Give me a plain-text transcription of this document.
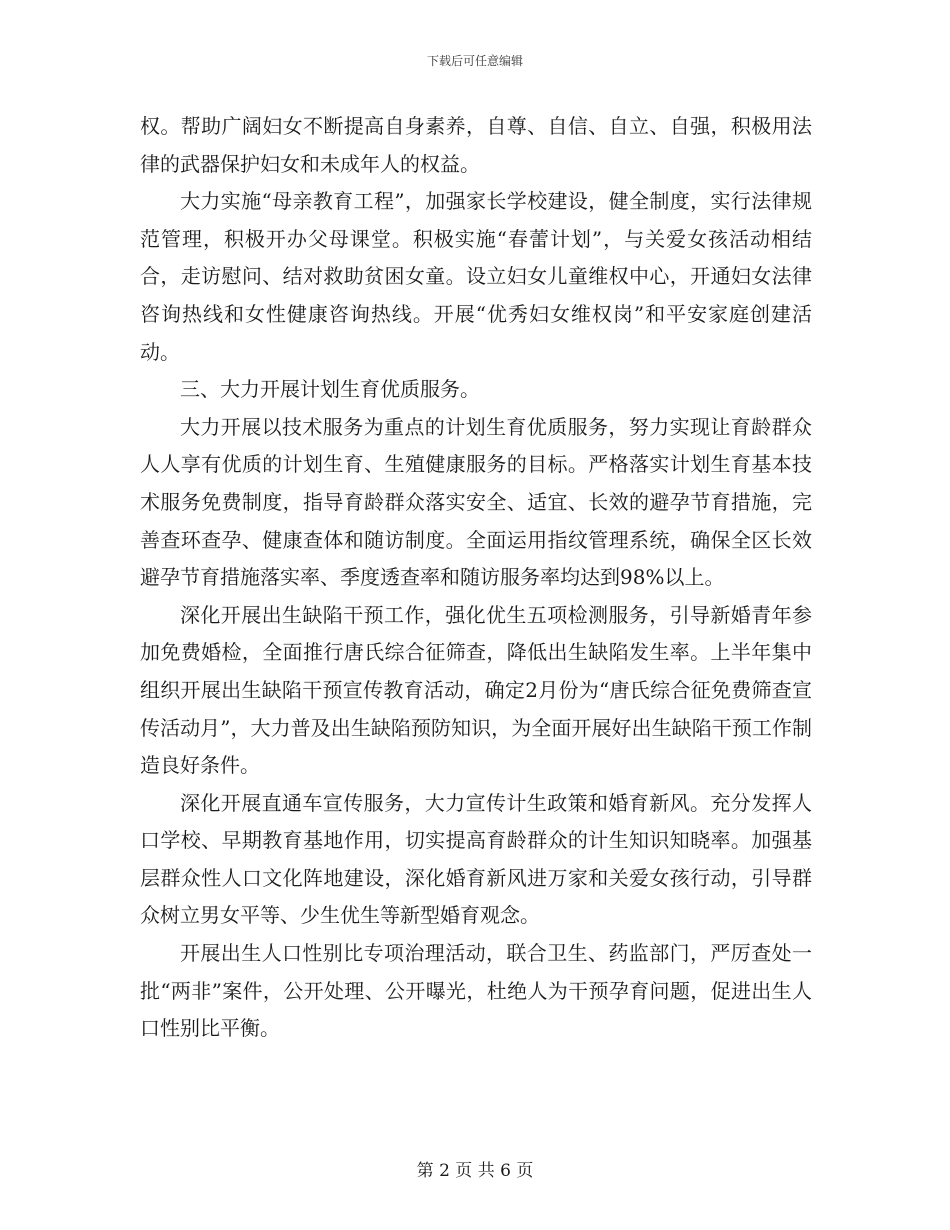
下载后可任意编辑

权。帮助广阔妇女不断提高自身素养，自尊、自信、自立、自强，积极用法律的武器保护妇女和未成年人的权益。

大力实施“母亲教育工程”，加强家长学校建设，健全制度，实行法律规范管理，积极开办父母课堂。积极实施“春蕾计划”，与关爱女孩活动相结合，走访慰问、结对救助贫困女童。设立妇女儿童维权中心，开通妇女法律咨询热线和女性健康咨询热线。开展“优秀妇女维权岗”和平安家庭创建活动。

三、大力开展计划生育优质服务。

大力开展以技术服务为重点的计划生育优质服务，努力实现让育龄群众人人享有优质的计划生育、生殖健康服务的目标。严格落实计划生育基本技术服务免费制度，指导育龄群众落实安全、适宜、长效的避孕节育措施，完善查环查孕、健康查体和随访制度。全面运用指纹管理系统，确保全区长效避孕节育措施落实率、季度透查率和随访服务率均达到98%以上。

深化开展出生缺陷干预工作，强化优生五项检测服务，引导新婚青年参加免费婚检，全面推行唐氏综合征筛查，降低出生缺陷发生率。上半年集中组织开展出生缺陷干预宣传教育活动，确定2月份为“唐氏综合征免费筛查宣传活动月”，大力普及出生缺陷预防知识，为全面开展好出生缺陷干预工作制造良好条件。

深化开展直通车宣传服务，大力宣传计生政策和婚育新风。充分发挥人口学校、早期教育基地作用，切实提高育龄群众的计生知识知晓率。加强基层群众性人口文化阵地建设，深化婚育新风进万家和关爱女孩行动，引导群众树立男女平等、少生优生等新型婚育观念。

开展出生人口性别比专项治理活动，联合卫生、药监部门，严厉查处一批“两非”案件，公开处理、公开曝光，杜绝人为干预孕育问题，促进出生人口性别比平衡。

第 2 页 共 6 页
